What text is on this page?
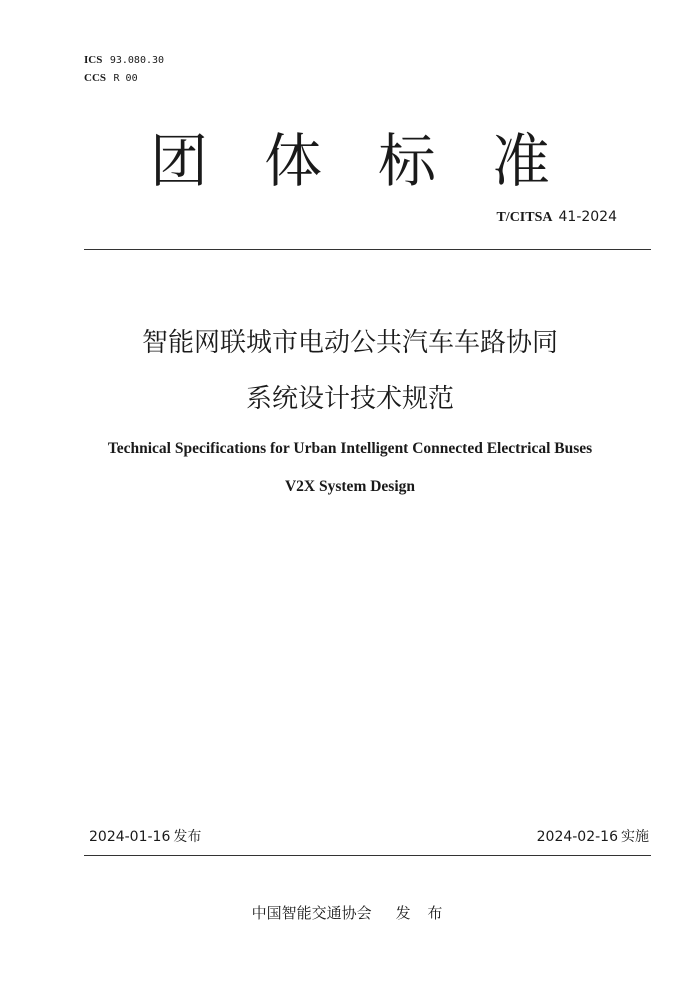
ICS 93.080.30
CCS R 00
团 体 标 准
T/CITSA 41-2024
智能网联城市电动公共汽车车路协同
系统设计技术规范
Technical Specifications for Urban Intelligent Connected Electrical Buses
V2X System Design
2024-01-16 发布	2024-02-16 实施
中国智能交通协会 发 布
